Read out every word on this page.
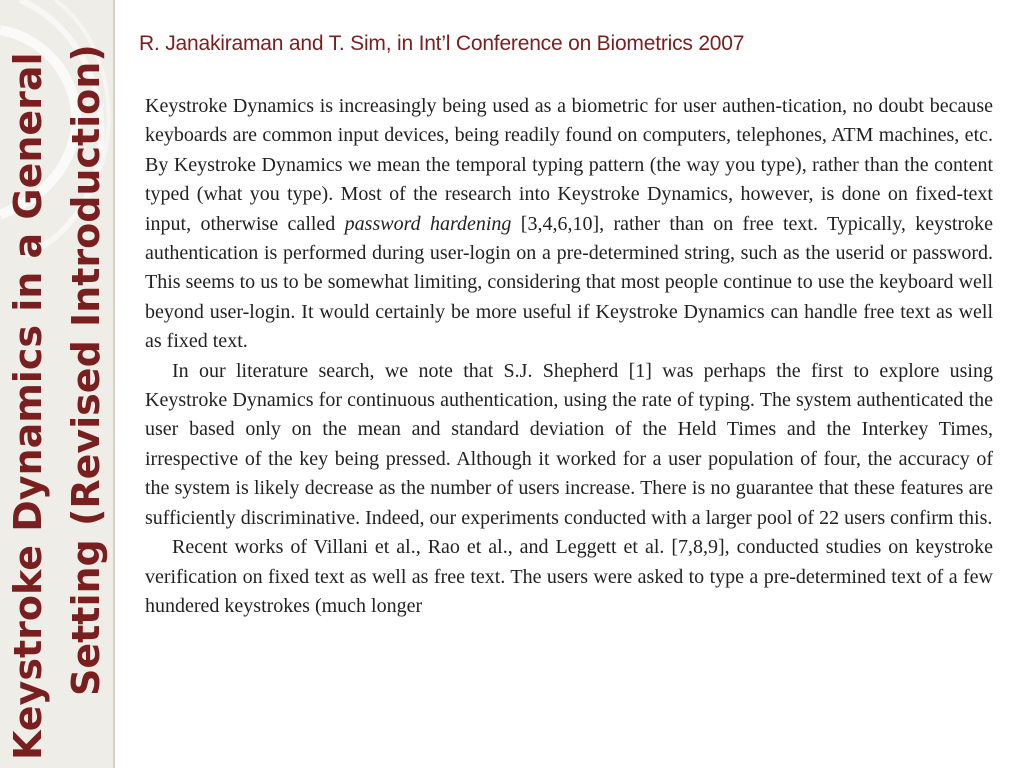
Keystroke Dynamics in a General Setting (Revised Introduction)
R. Janakiraman and T. Sim, in Int’l Conference on Biometrics 2007

Keystroke Dynamics is increasingly being used as a biometric for user authen-tication, no doubt because keyboards are common input devices, being readily found on computers, telephones, ATM machines, etc. By Keystroke Dynamics we mean the temporal typing pattern (the way you type), rather than the content typed (what you type). Most of the research into Keystroke Dynamics, however, is done on fixed-text input, otherwise called password hardening [3,4,6,10], rather than on free text. Typically, keystroke authentication is performed during user-login on a pre-determined string, such as the userid or password. This seems to us to be somewhat limiting, considering that most people continue to use the keyboard well beyond user-login. It would certainly be more useful if Keystroke Dynamics can handle free text as well as fixed text.

In our literature search, we note that S.J. Shepherd [1] was perhaps the first to explore using Keystroke Dynamics for continuous authentication, using the rate of typing. The system authenticated the user based only on the mean and standard deviation of the Held Times and the Interkey Times, irrespective of the key being pressed. Although it worked for a user population of four, the accuracy of the system is likely decrease as the number of users increase. There is no guarantee that these features are sufficiently discriminative. Indeed, our experiments conducted with a larger pool of 22 users confirm this.

Recent works of Villani et al., Rao et al., and Leggett et al. [7,8,9], conducted studies on keystroke verification on fixed text as well as free text. The users were asked to type a pre-determined text of a few hundered keystrokes (much longer
